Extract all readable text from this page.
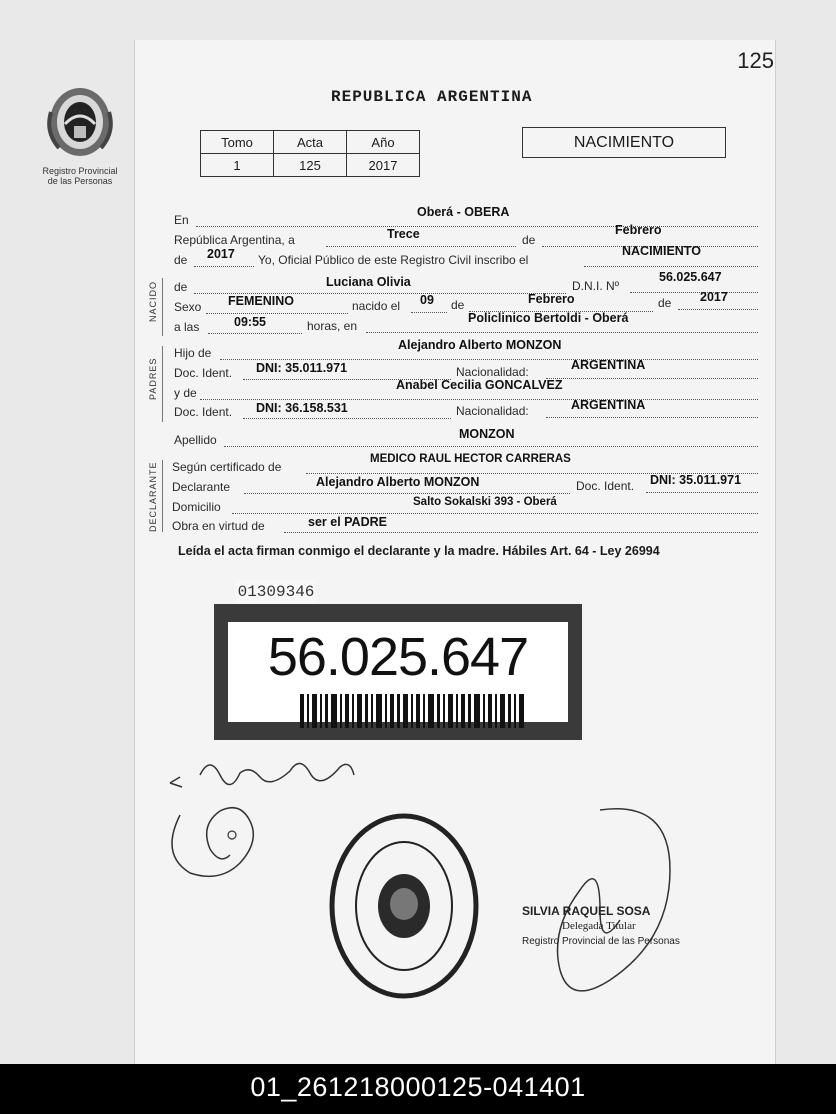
125
Registro Provincial
de las Personas
REPUBLICA ARGENTINA
Tomo	Acta	Año
1	125	2017
NACIMIENTO
En
Oberá - OBERA
República Argentina, a	Trece	de
Febrero
de 2017 Yo, Oficial Público de este Registro Civil inscribo el
NACIMIENTO
NACIDO de	Luciana Olivia	D.N.I. Nº
56.025.647
Sexo FEMENINO	nacido el 09 de	Febrero	de 2017
a las	09:55	horas, en
Policlinico Bertoldi - Oberá
PADRES
Hijo de
Alejandro Alberto MONZON
Doc. Ident. DNI: 35.011.971	Nacionalidad:	ARGENTINA
y de
Anabel Cecilia GONCALVEZ
Doc. Ident. DNI: 36.158.531	Nacionalidad:	ARGENTINA
Apellido	MONZON
DECLARANTE Según certificado de
MEDICO RAUL HECTOR CARRERAS
Declarante	Alejandro Alberto MONZON	Doc. Ident. DNI: 35.011.971
Domicilio	Salto Sokalski 393 - Oberá
Obra en virtud de	ser el PADRE
Leída el acta firman conmigo el declarante y la madre. Hábiles Art. 64 - Ley 26994
01309346
56.025.647
SILVIA RAQUEL SOSA
Delegada Titular
Registro Provincial de las Personas
01_261218000125-041401
